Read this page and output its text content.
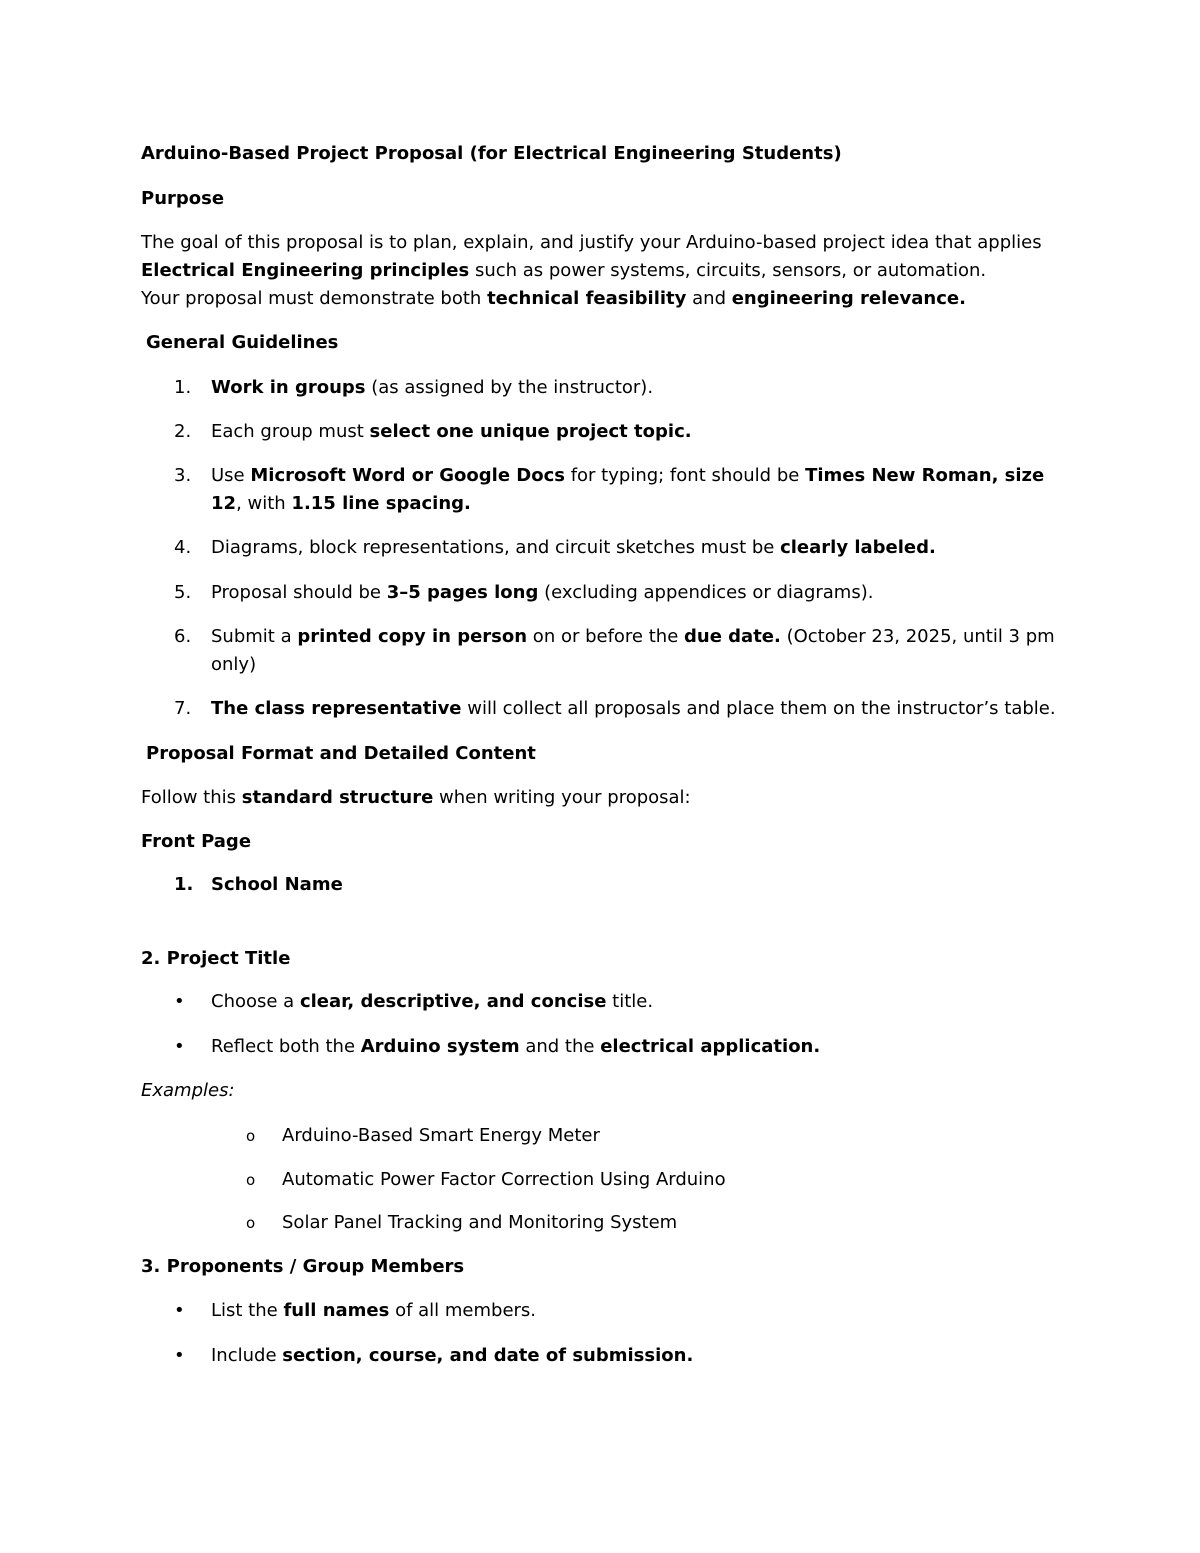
Arduino-Based Project Proposal (for Electrical Engineering Students)

Purpose

The goal of this proposal is to plan, explain, and justify your Arduino-based project idea that applies
Electrical Engineering principles such as power systems, circuits, sensors, or automation.
Your proposal must demonstrate both technical feasibility and engineering relevance.

General Guidelines

1.	Work in groups (as assigned by the instructor).
2.	Each group must select one unique project topic.
3.	Use Microsoft Word or Google Docs for typing; font should be Times New Roman, size
12, with 1.15 line spacing.
4.	Diagrams, block representations, and circuit sketches must be clearly labeled.
5.	Proposal should be 3–5 pages long (excluding appendices or diagrams).
6.	Submit a printed copy in person on or before the due date. (October 23, 2025, until 3 pm
only)
7.	The class representative will collect all proposals and place them on the instructor’s table.

Proposal Format and Detailed Content

Follow this standard structure when writing your proposal:

Front Page

1. School Name

2. Project Title

•	Choose a clear, descriptive, and concise title.
•	Reflect both the Arduino system and the electrical application.

Examples:

o	Arduino-Based Smart Energy Meter
o	Automatic Power Factor Correction Using Arduino
o	Solar Panel Tracking and Monitoring System

3. Proponents / Group Members

•	List the full names of all members.
•	Include section, course, and date of submission.
